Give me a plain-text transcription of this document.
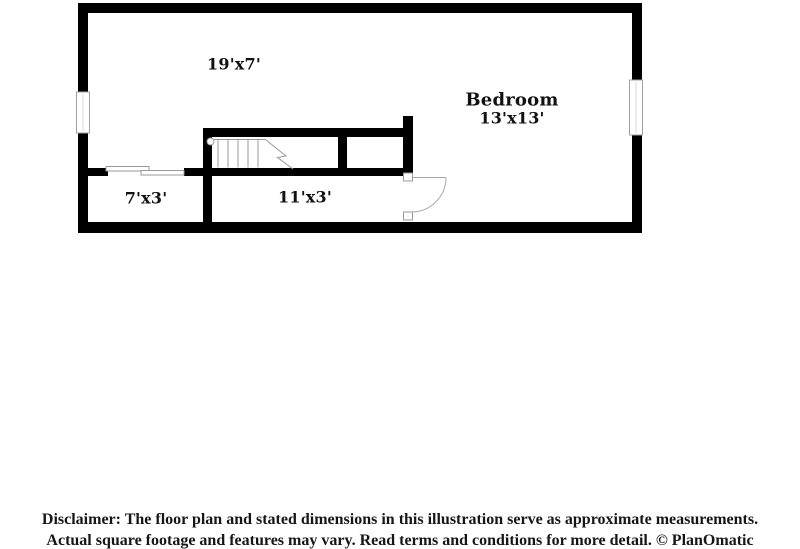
19'x7'
Bedroom
13'x13'
7'x3'	11'x3'
Disclaimer: The floor plan and stated dimensions in this illustration serve as approximate measurements.
Actual square footage and features may vary. Read terms and conditions for more detail. © PlanOmatic
